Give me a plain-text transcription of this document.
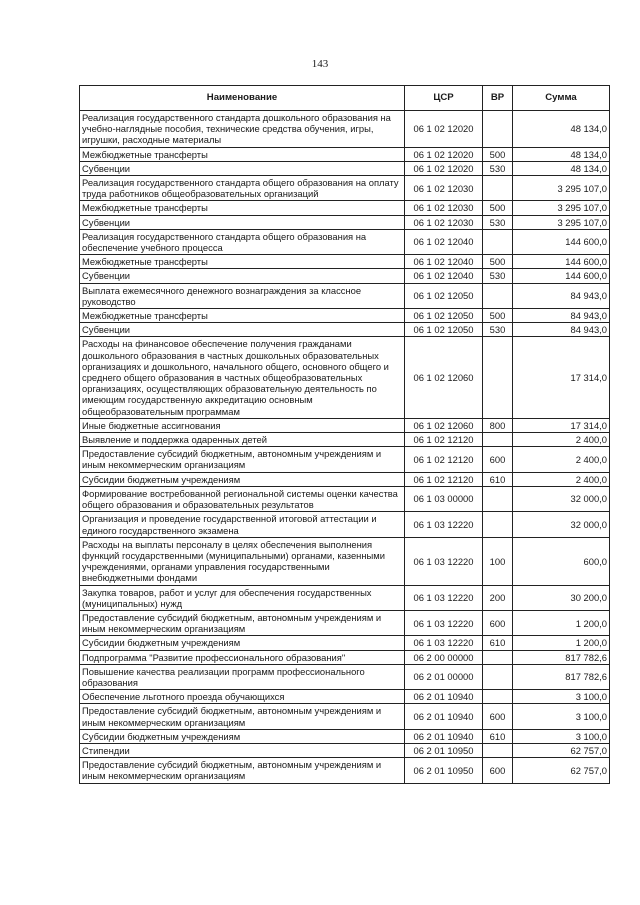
143
Наименование	ЦСР	ВР	Сумма
Реализация государственного стандарта дошкольного образования на учебно-наглядные пособия, технические средства обучения, игры, игрушки, расходные материалы	06 1 02 12020		48 134,0
Межбюджетные трансферты	06 1 02 12020	500	48 134,0
Субвенции	06 1 02 12020	530	48 134,0
Реализация государственного стандарта общего образования на оплату труда работников общеобразовательных организаций	06 1 02 12030		3 295 107,0
Межбюджетные трансферты	06 1 02 12030	500	3 295 107,0
Субвенции	06 1 02 12030	530	3 295 107,0
Реализация государственного стандарта общего образования на обеспечение учебного процесса	06 1 02 12040		144 600,0
Межбюджетные трансферты	06 1 02 12040	500	144 600,0
Субвенции	06 1 02 12040	530	144 600,0
Выплата ежемесячного денежного вознаграждения за классное руководство	06 1 02 12050		84 943,0
Межбюджетные трансферты	06 1 02 12050	500	84 943,0
Субвенции	06 1 02 12050	530	84 943,0
Расходы на финансовое обеспечение получения гражданами дошкольного образования в частных дошкольных образовательных организациях и дошкольного, начального общего, основного общего и среднего общего образования в частных общеобразовательных организациях, осуществляющих образовательную деятельность по имеющим государственную аккредитацию основным общеобразовательным программам	06 1 02 12060		17 314,0
Иные бюджетные ассигнования	06 1 02 12060	800	17 314,0
Выявление и поддержка одаренных детей	06 1 02 12120		2 400,0
Предоставление субсидий бюджетным, автономным учреждениям и иным некоммерческим организациям	06 1 02 12120	600	2 400,0
Субсидии бюджетным учреждениям	06 1 02 12120	610	2 400,0
Формирование востребованной региональной системы оценки качества общего образования и образовательных результатов	06 1 03 00000		32 000,0
Организация и проведение государственной итоговой аттестации и единого государственного экзамена	06 1 03 12220		32 000,0
Расходы на выплаты персоналу в целях обеспечения выполнения функций государственными (муниципальными) органами, казенными учреждениями, органами управления государственными внебюджетными фондами	06 1 03 12220	100	600,0
Закупка товаров, работ и услуг для обеспечения государственных (муниципальных) нужд	06 1 03 12220	200	30 200,0
Предоставление субсидий бюджетным, автономным учреждениям и иным некоммерческим организациям	06 1 03 12220	600	1 200,0
Субсидии бюджетным учреждениям	06 1 03 12220	610	1 200,0
Подпрограмма "Развитие профессионального образования"	06 2 00 00000		817 782,6
Повышение качества реализации программ профессионального образования	06 2 01 00000		817 782,6
Обеспечение льготного проезда обучающихся	06 2 01 10940		3 100,0
Предоставление субсидий бюджетным, автономным учреждениям и иным некоммерческим организациям	06 2 01 10940	600	3 100,0
Субсидии бюджетным учреждениям	06 2 01 10940	610	3 100,0
Стипендии	06 2 01 10950		62 757,0
Предоставление субсидий бюджетным, автономным учреждениям и иным некоммерческим организациям	06 2 01 10950	600	62 757,0
